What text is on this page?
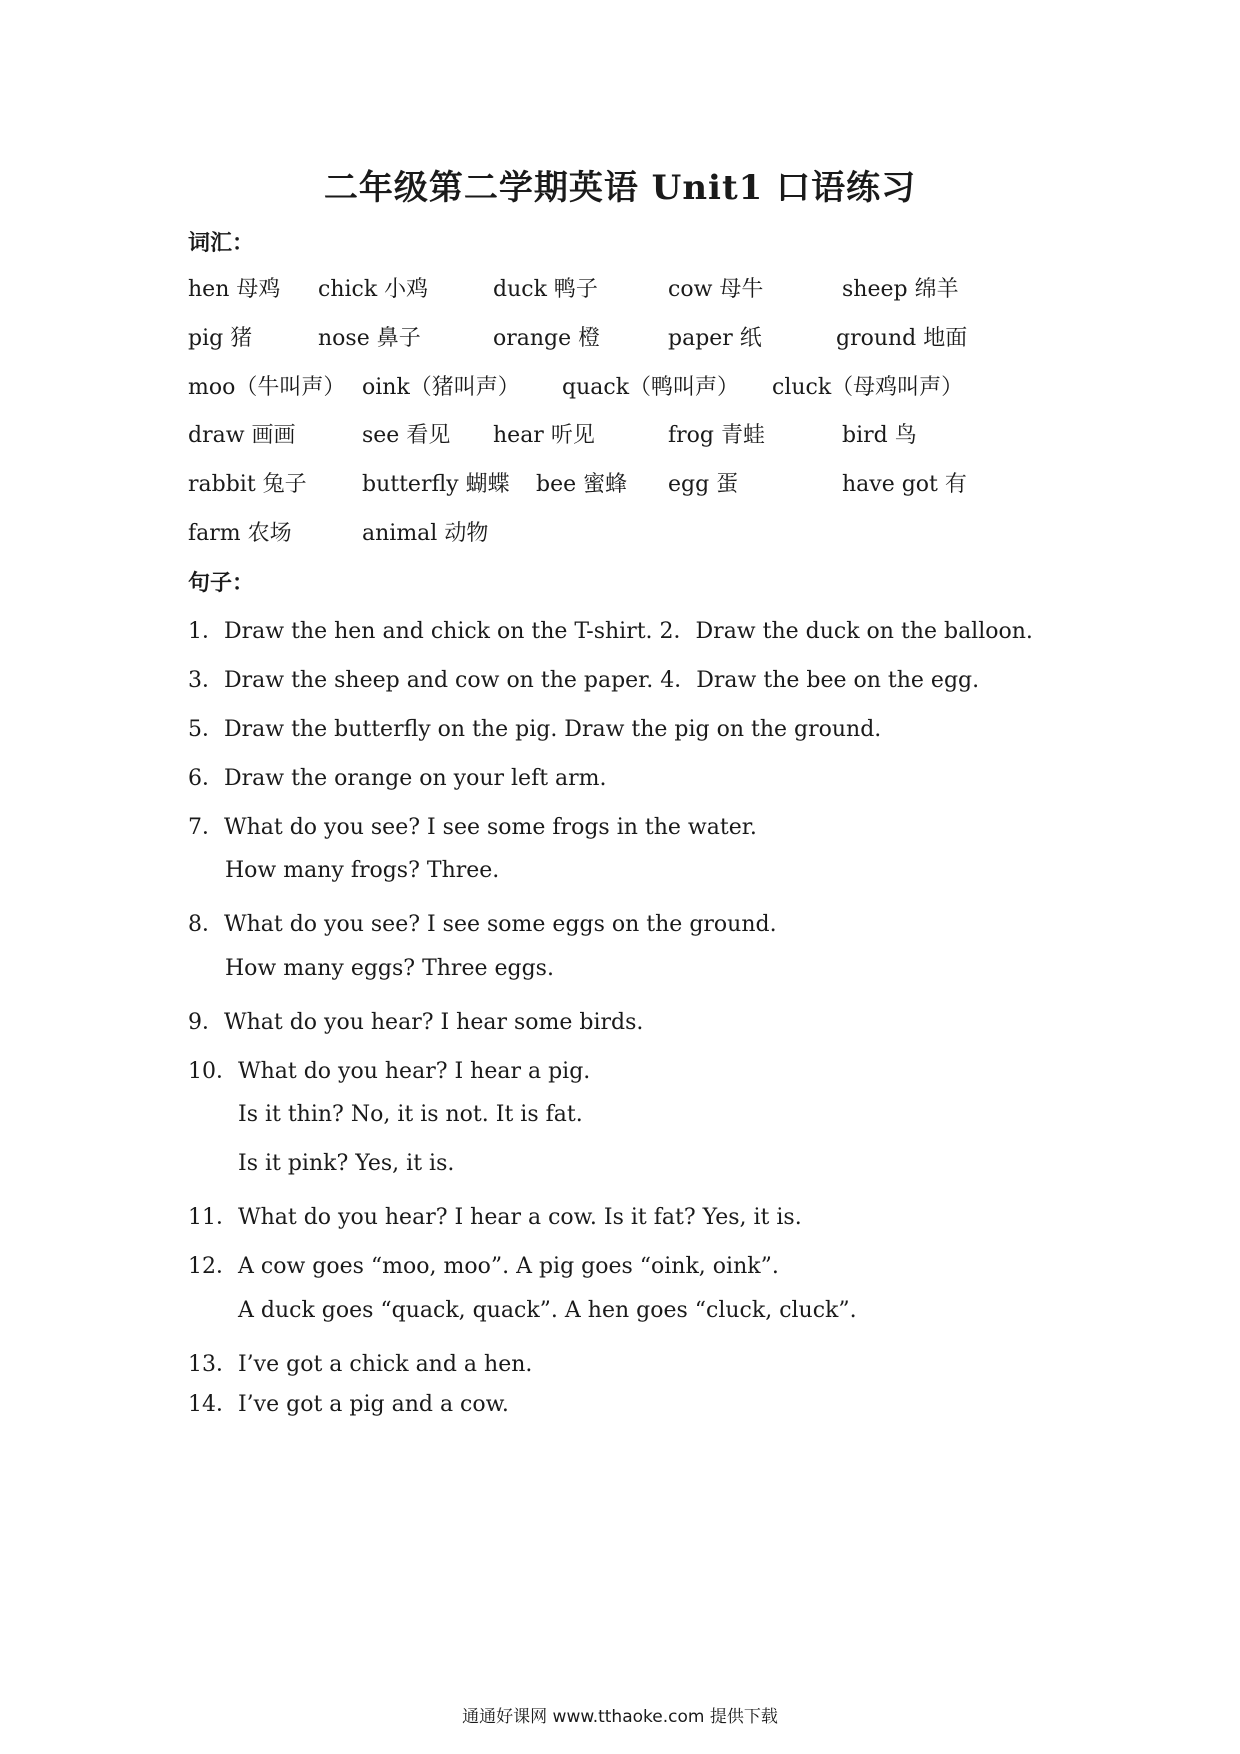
二年级第二学期英语 Unit1 口语练习
词汇：
hen 母鸡 chick 小鸡	duck 鸭子	cow 母牛	sheep 绵羊
pig 猪	nose 鼻子	orange 橙	paper 纸	ground 地面
moo（牛叫声） oink（猪叫声） quack（鸭叫声） cluck（母鸡叫声）
draw 画画	see 看见 hear 听见	frog 青蛙	bird 鸟
rabbit 兔子	butterfly 蝴蝶 bee 蜜蜂 egg 蛋	have got 有
farm 农场	animal 动物
句子：
1．Draw the hen and chick on the T-shirt. 2．Draw the duck on the balloon.
3．Draw the sheep and cow on the paper. 4．Draw the bee on the egg.
5．Draw the butterfly on the pig. Draw the pig on the ground.
6．Draw the orange on your left arm.
7．What do you see? I see some frogs in the water.
How many frogs? Three.
8．What do you see? I see some eggs on the ground.
How many eggs? Three eggs.
9．What do you hear? I hear some birds.
10．What do you hear? I hear a pig.
Is it thin? No, it is not. It is fat.
Is it pink? Yes, it is.
11．What do you hear? I hear a cow. Is it fat? Yes, it is.
12．A cow goes “moo, moo”. A pig goes “oink, oink”.
A duck goes “quack, quack”. A hen goes “cluck, cluck”.
13．I’ve got a chick and a hen.
14．I’ve got a pig and a cow.
通通好课网 www.tthaoke.com 提供下载
